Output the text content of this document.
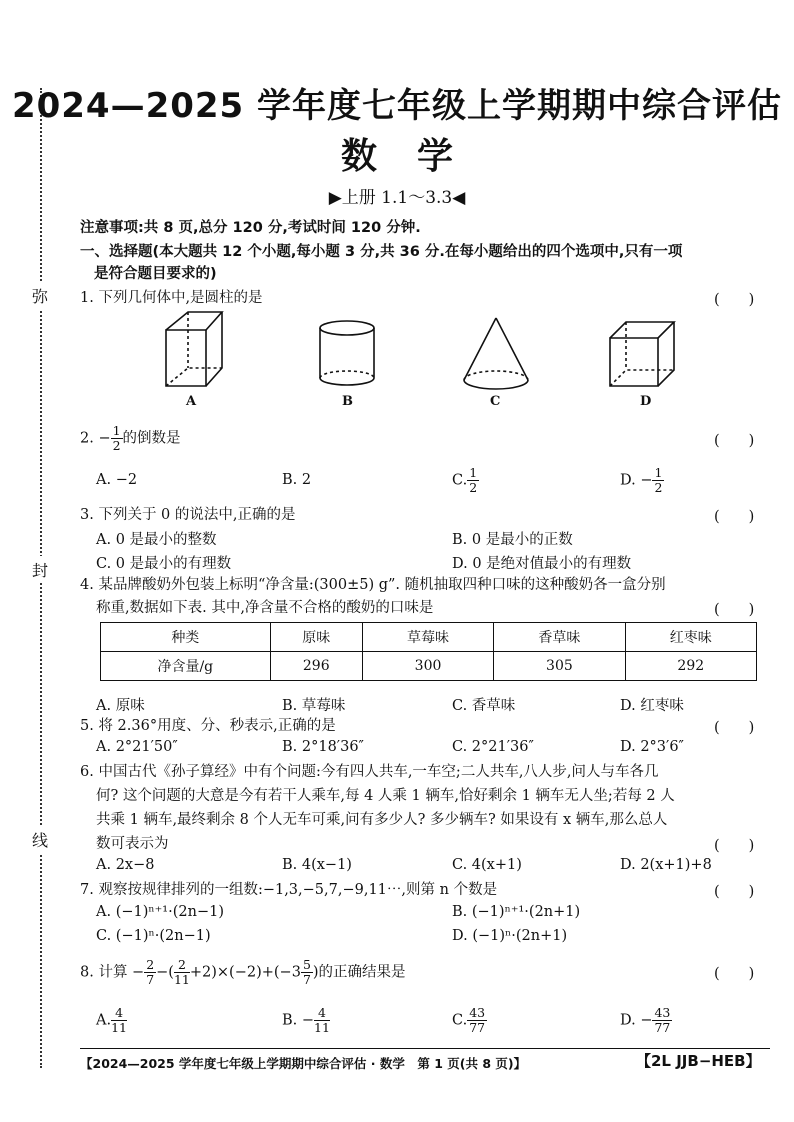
弥
封
线
2024—2025 学年度七年级上学期期中综合评估
数学
▶上册 1.1～3.3◀
注意事项:共 8 页,总分 120 分,考试时间 120 分钟.
一、选择题(本大题共 12 个小题,每小题 3 分,共 36 分.在每小题给出的四个选项中,只有一项
是符合题目要求的)
1. 下列几何体中,是圆柱的是	(　　)
A	B	C	D
2. − $\frac{1}{2}$ 的倒数是	(　　)
A. −2	B. 2	C. $\frac{1}{2}$	D. − $\frac{1}{2}$
3. 下列关于 0 的说法中,正确的是	(　　)
A. 0 是最小的整数	B. 0 是最小的正数
C. 0 是最小的有理数	D. 0 是绝对值最小的有理数
4. 某品牌酸奶外包装上标明“净含量:(300±5) g”. 随机抽取四种口味的这种酸奶各一盒分别
称重,数据如下表. 其中,净含量不合格的酸奶的口味是	(　　)
种类	原味	草莓味	香草味	红枣味
净含量/g	296	300	305	292
A. 原味	B. 草莓味	C. 香草味	D. 红枣味
5. 将 2.36°用度、分、秒表示,正确的是	(　　)
A. 2°21′50″	B. 2°18′36″	C. 2°21′36″	D. 2°3′6″
6. 中国古代《孙子算经》中有个问题:今有四人共车,一车空;二人共车,八人步,问人与车各几
何? 这个问题的大意是今有若干人乘车,每 4 人乘 1 辆车,恰好剩余 1 辆车无人坐;若每 2 人
共乘 1 辆车,最终剩余 8 个人无车可乘,问有多少人? 多少辆车? 如果设有 x 辆车,那么总人
数可表示为	(　　)
A. 2x−8	B. 4(x−1)	C. 4(x+1)	D. 2(x+1)+8
7. 观察按规律排列的一组数:−1,3,−5,7,−9,11⋯,则第 n 个数是	(　　)
A. (−1)ⁿ⁺¹·(2n−1)	B. (−1)ⁿ⁺¹·(2n+1)
C. (−1)ⁿ·(2n−1)	D. (−1)ⁿ·(2n+1)
8. 计算 − $\frac{2}{7}$ −( $\frac{2}{11} +2)\times(-2)+(-3 \frac{5}{7}$ )的正确结果是	(　　)
A. $\frac{4}{11}$	B. − $\frac{4}{11}$	C. $\frac{43}{77}$	D. − $\frac{43}{77}$
【2024—2025 学年度七年级上学期期中综合评估 · 数学　第 1 页(共 8 页)】	【2L JJB−HEB】
